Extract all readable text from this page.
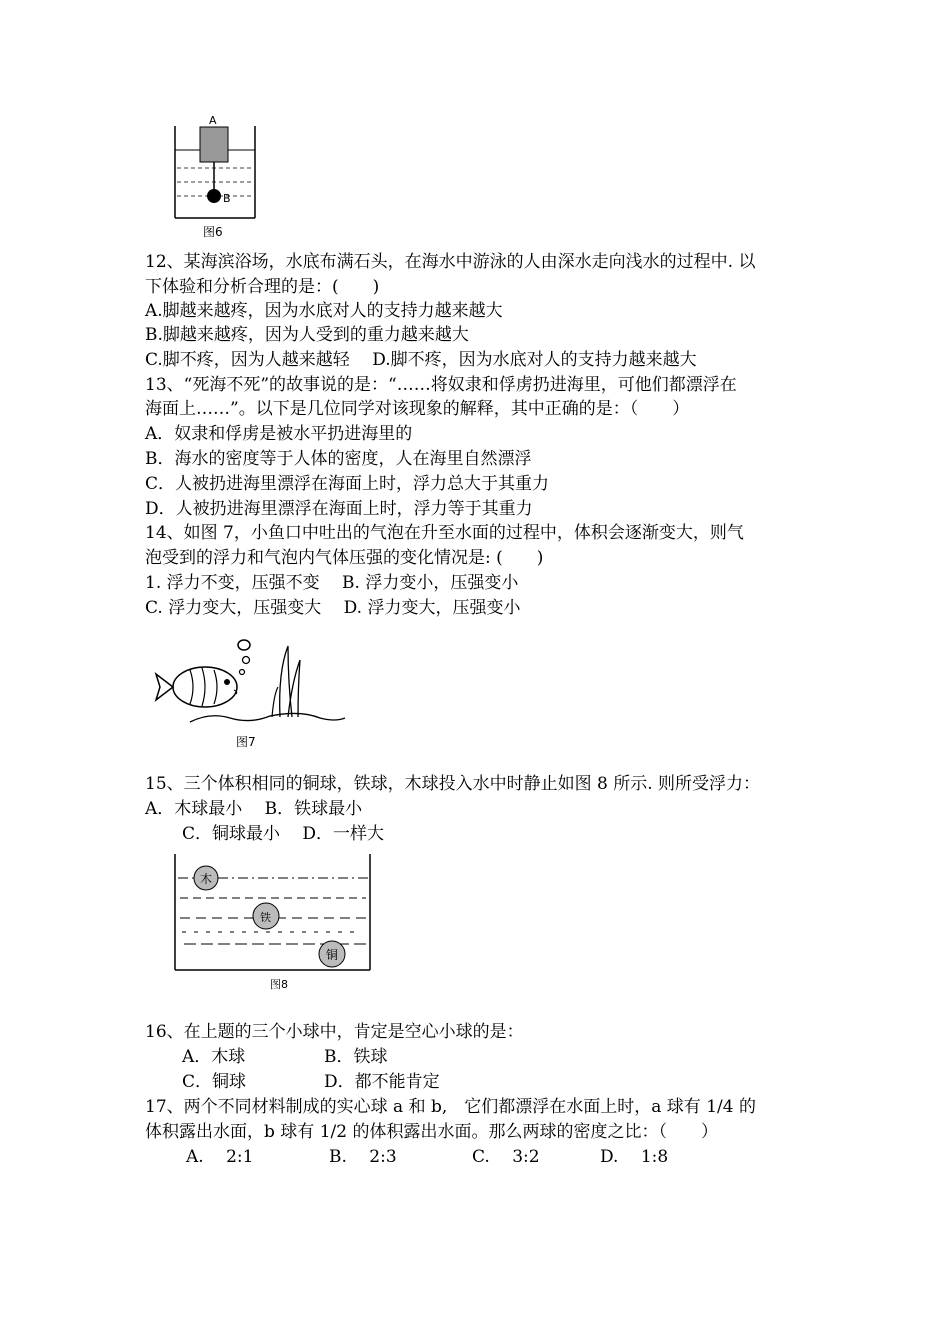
A
B
图6
12、某海滨浴场，水底布满石头，在海水中游泳的人由深水走向浅水的过程中. 以
下体验和分析合理的是：(　　)
A.脚越来越疼，因为水底对人的支持力越来越大
B.脚越来越疼，因为人受到的重力越来越大
C.脚不疼，因为人越来越轻　 D.脚不疼，因为水底对人的支持力越来越大
13、“死海不死”的故事说的是：“……将奴隶和俘虏扔进海里，可他们都漂浮在
海面上……”。以下是几位同学对该现象的解释，其中正确的是：（　　）
A．奴隶和俘虏是被水平扔进海里的
B．海水的密度等于人体的密度，人在海里自然漂浮
C．人被扔进海里漂浮在海面上时，浮力总大于其重力
D．人被扔进海里漂浮在海面上时，浮力等于其重力
14、如图 7，小鱼口中吐出的气泡在升至水面的过程中，体积会逐渐变大，则气
泡受到的浮力和气泡内气体压强的变化情况是: (　　)
1. 浮力不变，压强不变　 B. 浮力变小，压强变小
C. 浮力变大，压强变大　 D. 浮力变大，压强变小
图7
15、三个体积相同的铜球，铁球，木球投入水中时静止如图 8 所示. 则所受浮力：
A．木球最小　 B．铁球最小
C．铜球最小　 D．一样大
木
铁
铜
图8
16、在上题的三个小球中，肯定是空心小球的是：
A．木球	B．铁球
C．铜球	D．都不能肯定
17、两个不同材料制成的实心球 a 和 b,　它们都漂浮在水面上时，a 球有 1/4 的
体积露出水面，b 球有 1/2 的体积露出水面。那么两球的密度之比：（　　）
A.　 2:1	B.　 2:3	C.　 3:2	D.　 1:8
